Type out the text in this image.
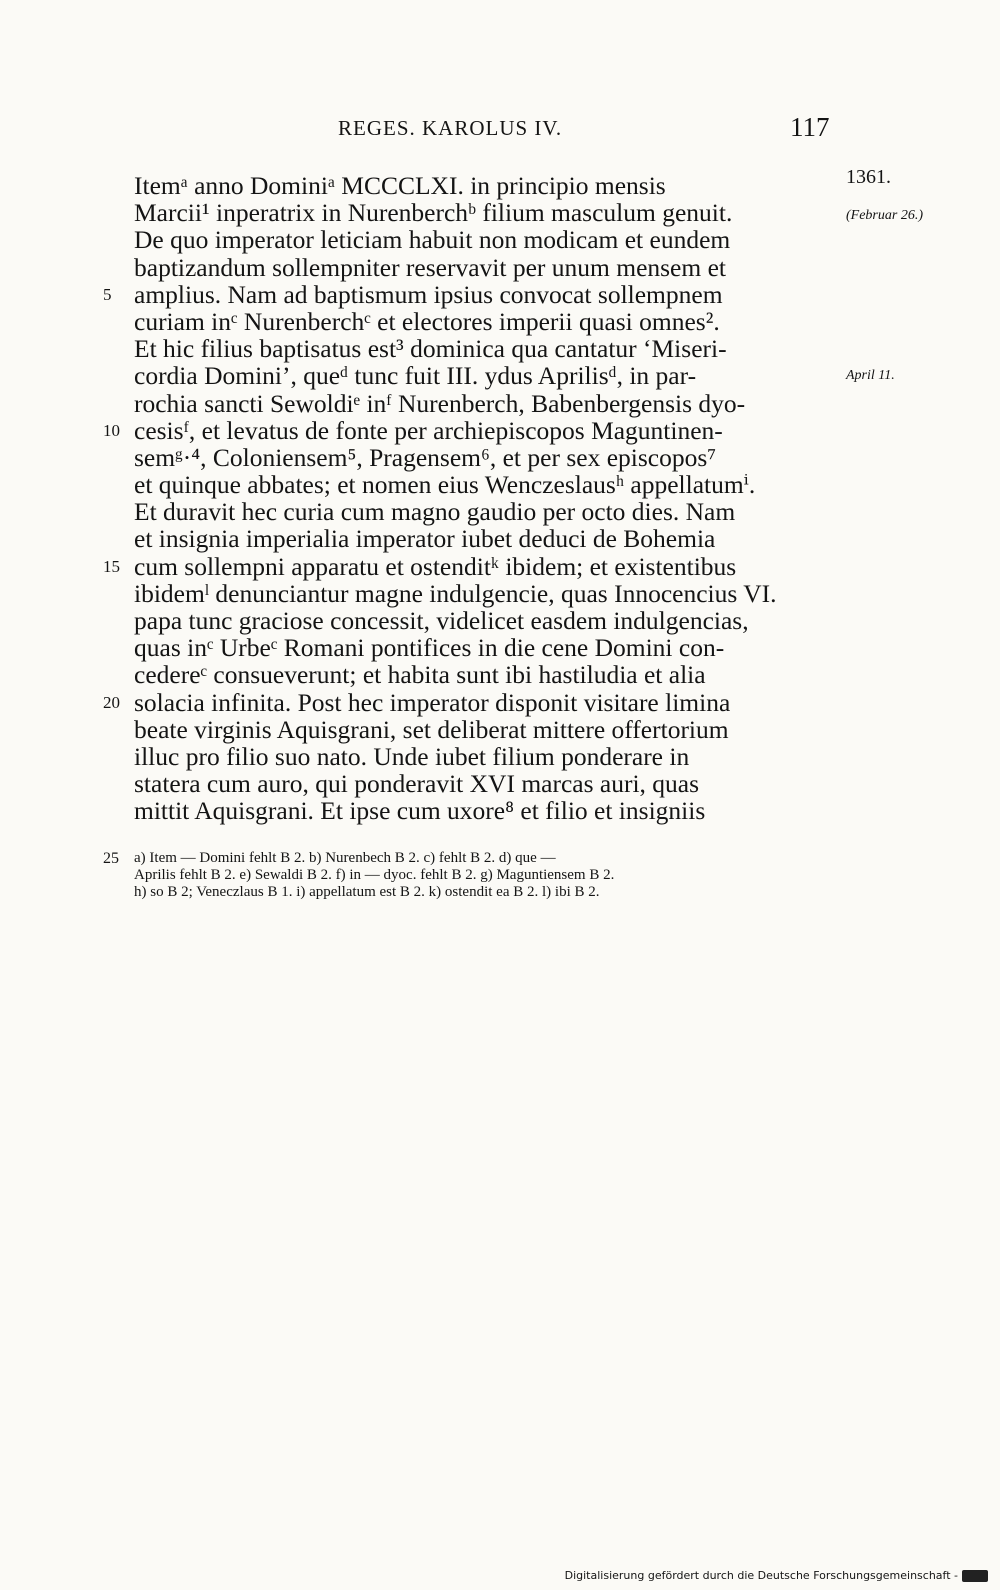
REGES. KAROLUS IV.	117
Itemᵃ anno Dominiᵃ MCCCLXI. in principio mensis	1361.
Marcii¹ inperatrix in Nurenberchᵇ filium masculum genuit.	(Februar 26.)
De quo imperator leticiam habuit non modicam et eundem
baptizandum sollempniter reservavit per unum mensem et
5 amplius. Nam ad baptismum ipsius convocat sollempnem
curiam inᶜ Nurenberchᶜ et electores imperii quasi omnes².
Et hic filius baptisatus est³ dominica qua cantatur ‘Miseri-
cordia Domini’, queᵈ tunc fuit III. ydus Aprilisᵈ, in par-	April 11.
rochia sancti Sewoldiᵉ inᶠ Nurenberch, Babenbergensis dyo-
10 cesisᶠ, et levatus de fonte per archiepiscopos Maguntinen-
semᵍ·⁴, Coloniensem⁵, Pragensem⁶, et per sex episcopos⁷
et quinque abbates; et nomen eius Wenczeslausʰ appellatumⁱ.
Et duravit hec curia cum magno gaudio per octo dies. Nam
et insignia imperialia imperator iubet deduci de Bohemia
15 cum sollempni apparatu et ostenditᵏ ibidem; et existentibus
ibidemˡ denunciantur magne indulgencie, quas Innocencius VI.
papa tunc graciose concessit, videlicet easdem indulgencias,
quas inᶜ Urbeᶜ Romani pontifices in die cene Domini con-
cedereᶜ consueverunt; et habita sunt ibi hastiludia et alia
20 solacia infinita. Post hec imperator disponit visitare limina
beate virginis Aquisgrani, set deliberat mittere offertorium
illuc pro filio suo nato. Unde iubet filium ponderare in
statera cum auro, qui ponderavit XVI marcas auri, quas
mittit Aquisgrani. Et ipse cum uxore⁸ et filio et insigniis
25 a) Item — Domini fehlt B 2. b) Nurenbech B 2. c) fehlt B 2. d) que —
Aprilis fehlt B 2. e) Sewaldi B 2. f) in — dyoc. fehlt B 2. g) Maguntiensem B 2.
h) so B 2; Veneczlaus B 1. i) appellatum est B 2. k) ostendit ea B 2. l) ibi B 2.
Digitalisierung gefördert durch die Deutsche Forschungsgemeinschaft -
